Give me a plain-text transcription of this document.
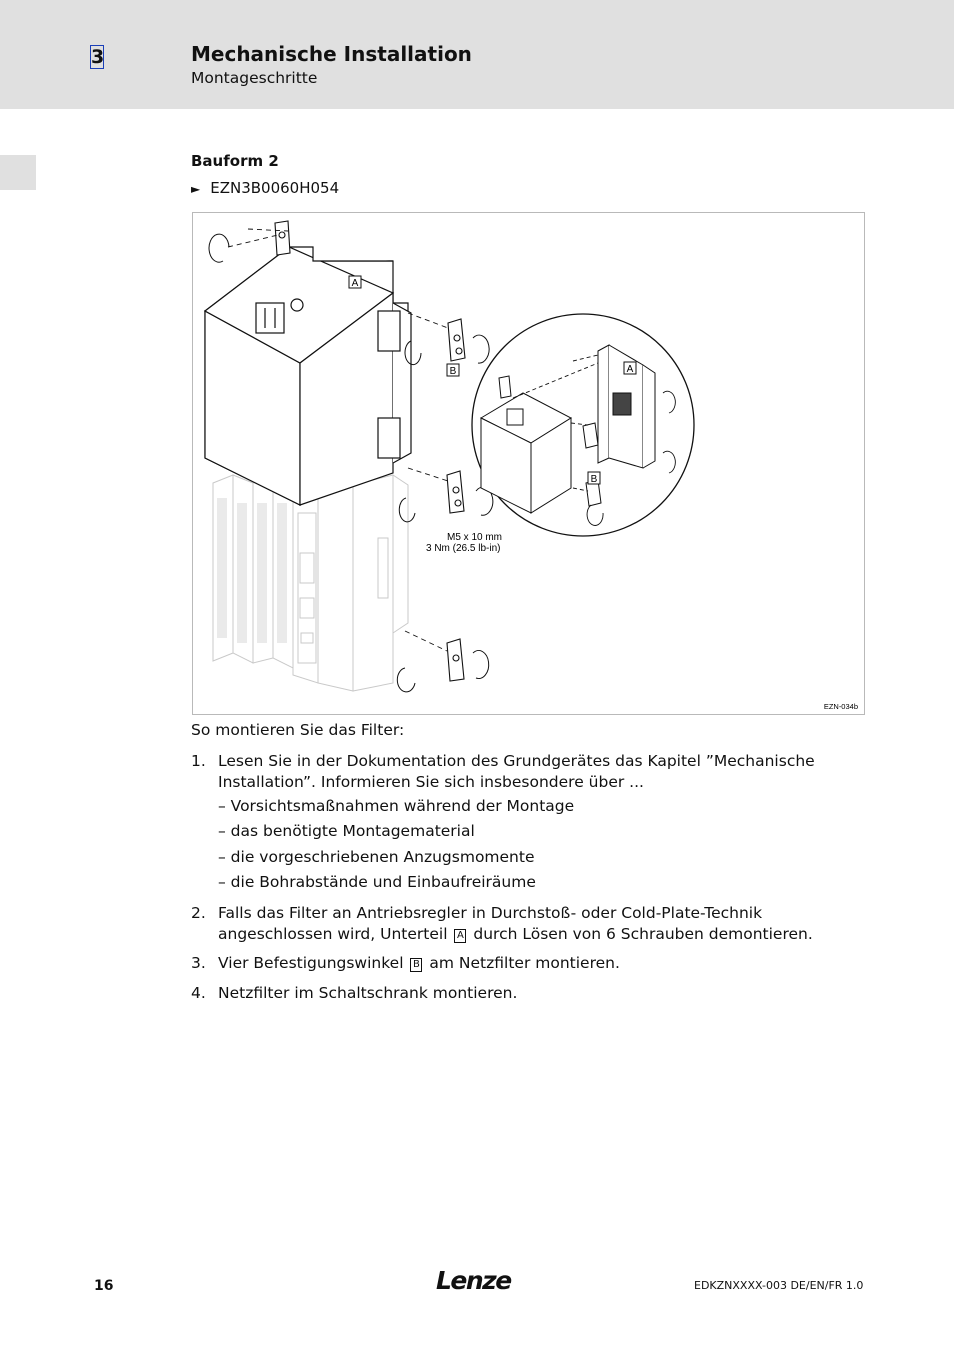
3	Mechanische Installation
Montageschritte
Bauform 2
► EZN3B0060H054
A
B	A
B
M5 x 10 mm
3 Nm (26.5 lb-in)
EZN-034b
So montieren Sie das Filter:
1. Lesen Sie in der Dokumentation des Grundgerätes das Kapitel ”Mechanische Installation”. Informieren Sie sich insbesondere über ...
– Vorsichtsmaßnahmen während der Montage
– das benötigte Montagematerial
– die vorgeschriebenen Anzugsmomente
– die Bohrabstände und Einbaufreiräume
2. Falls das Filter an Antriebsregler in Durchstoß- oder Cold-Plate-Technik angeschlossen wird, Unterteil A durch Lösen von 6 Schrauben demontieren.
3. Vier Befestigungswinkel B am Netzfilter montieren.
4. Netzfilter im Schaltschrank montieren.
16	Lenze	EDKZNXXXX-003 DE/EN/FR 1.0
